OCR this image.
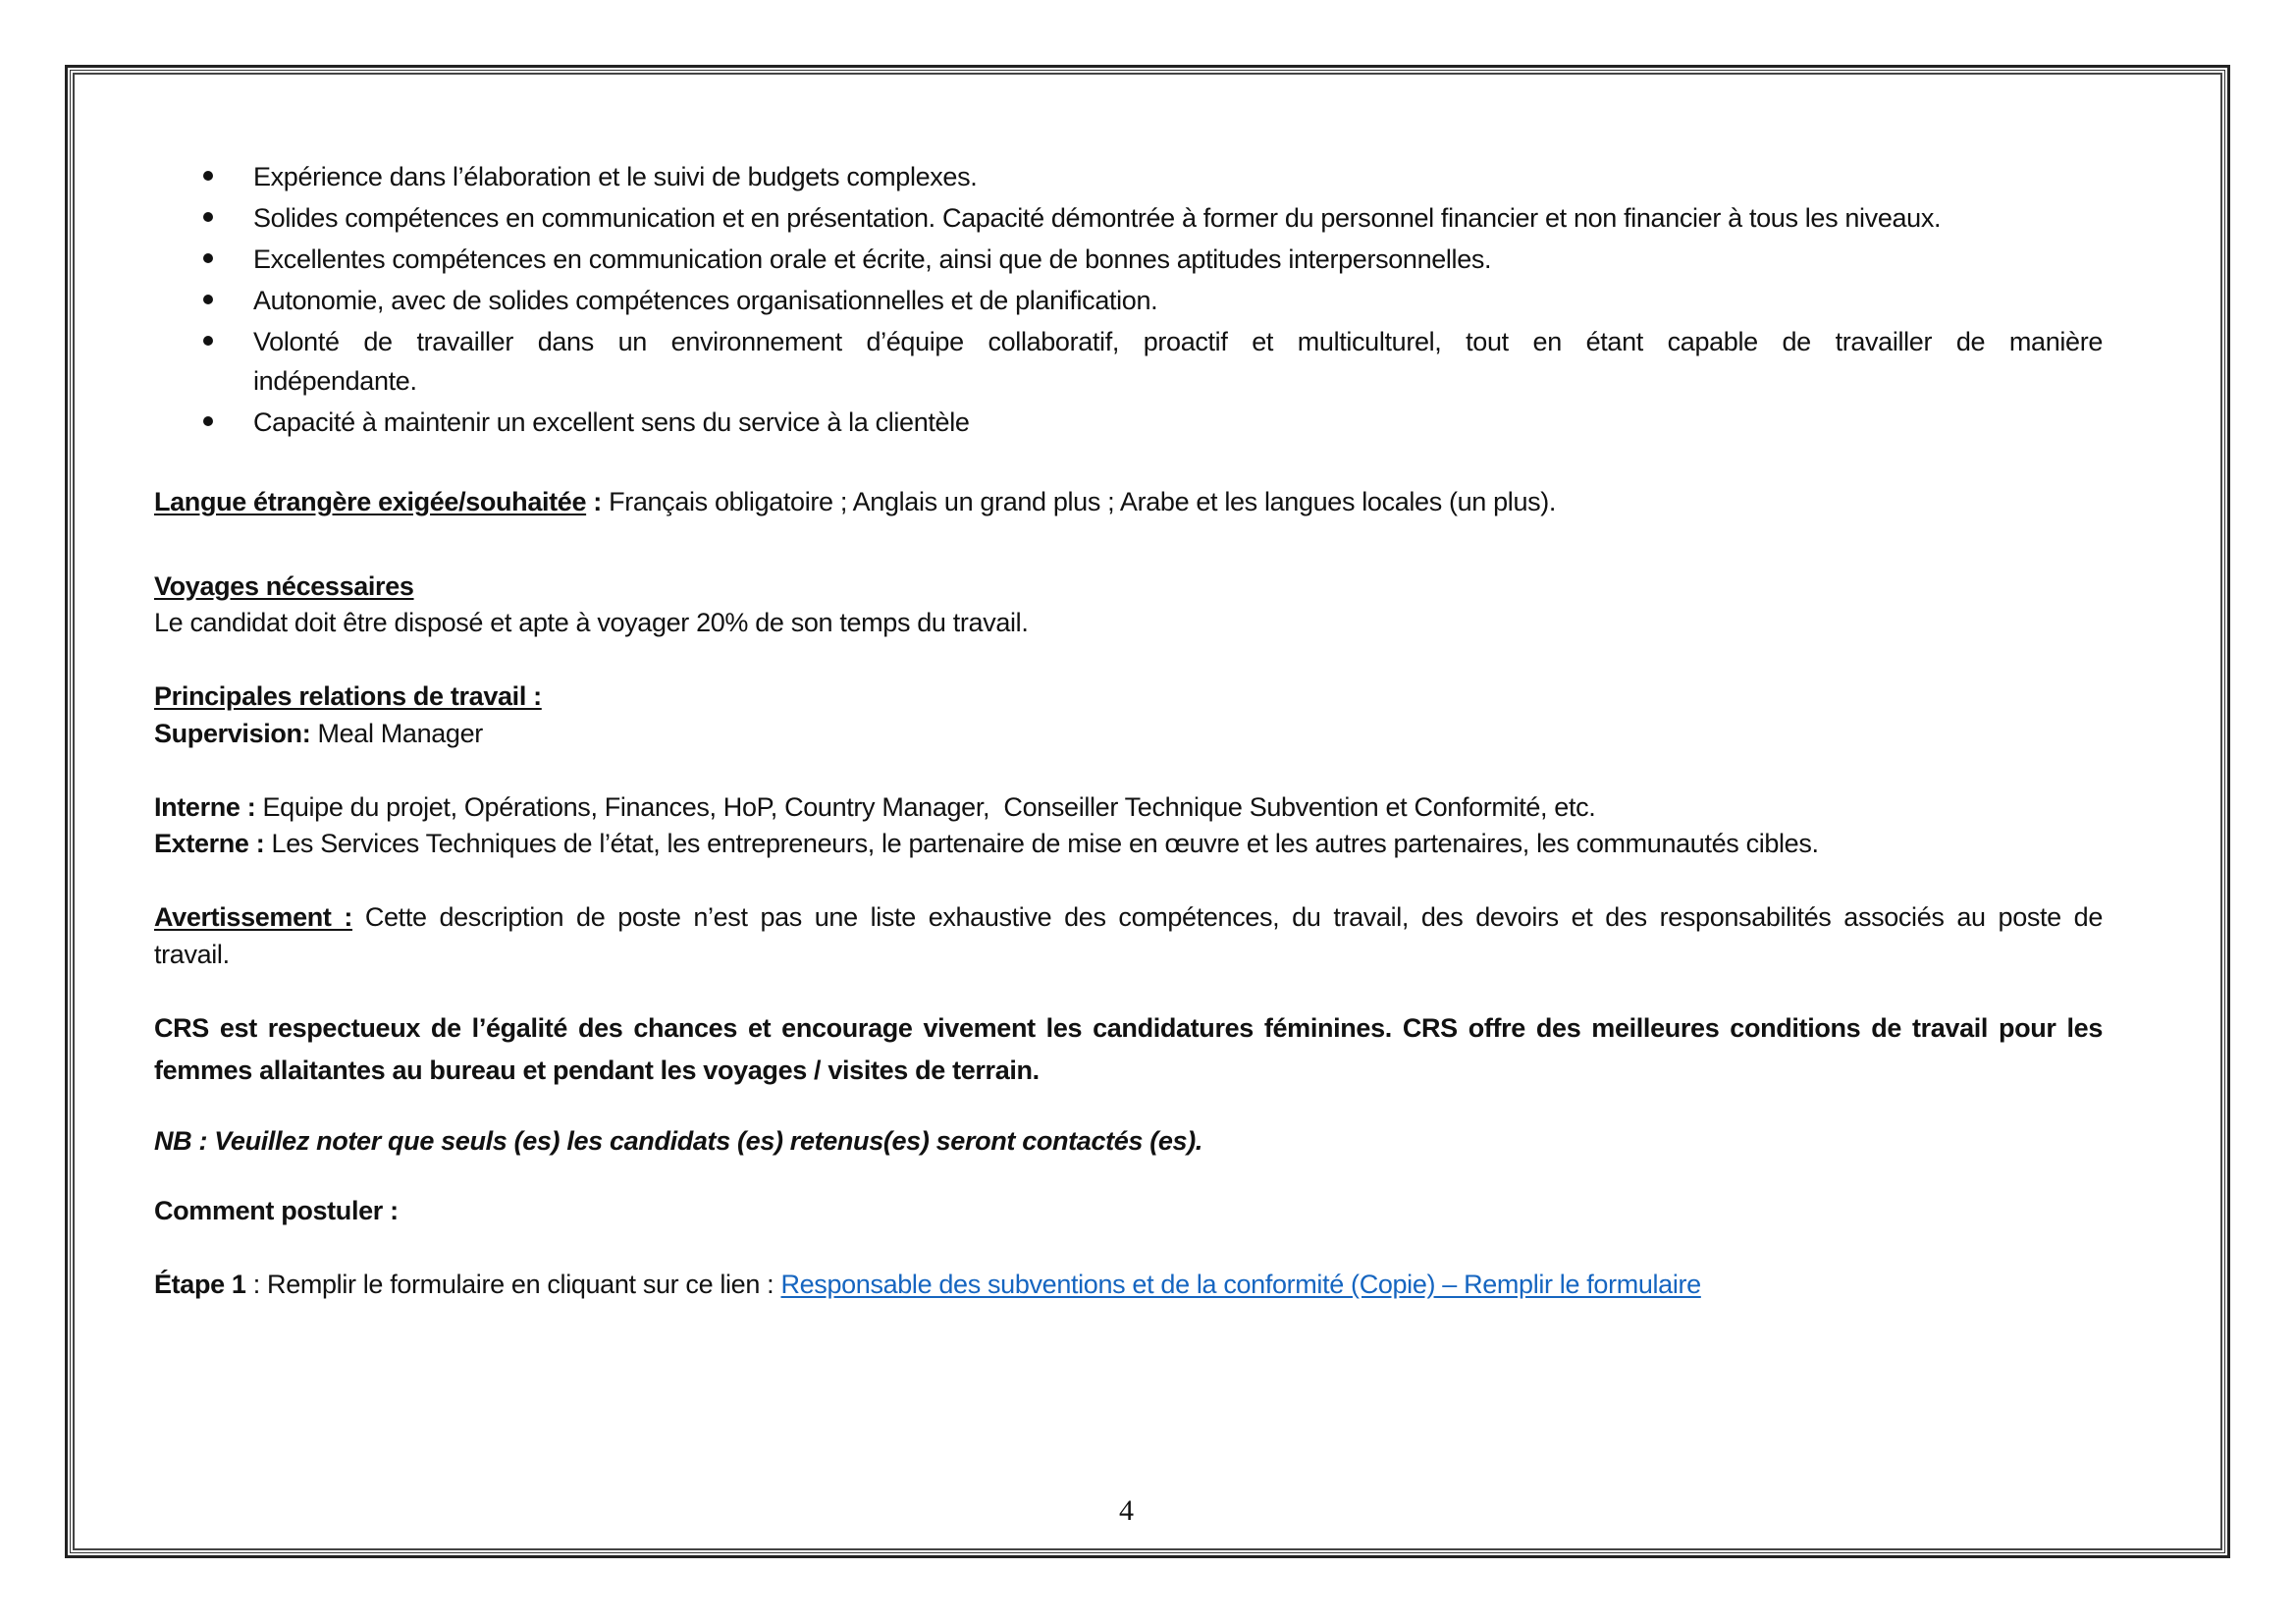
Expérience dans l’élaboration et le suivi de budgets complexes.
Solides compétences en communication et en présentation. Capacité démontrée à former du personnel financier et non financier à tous les niveaux.
Excellentes compétences en communication orale et écrite, ainsi que de bonnes aptitudes interpersonnelles.
Autonomie, avec de solides compétences organisationnelles et de planification.
Volonté de travailler dans un environnement d’équipe collaboratif, proactif et multiculturel, tout en étant capable de travailler de manière
indépendante.
Capacité à maintenir un excellent sens du service à la clientèle
Langue étrangère exigée/souhaitée : Français obligatoire ; Anglais un grand plus ; Arabe et les langues locales (un plus).
Voyages nécessaires
Le candidat doit être disposé et apte à voyager 20% de son temps du travail.
Principales relations de travail :
Supervision: Meal Manager
Interne : Equipe du projet, Opérations, Finances, HoP, Country Manager,  Conseiller Technique Subvention et Conformité, etc.
Externe : Les Services Techniques de l’état, les entrepreneurs, le partenaire de mise en œuvre et les autres partenaires, les communautés cibles.
Avertissement : Cette description de poste n’est pas une liste exhaustive des compétences, du travail, des devoirs et des responsabilités associés au poste de
travail.
CRS est respectueux de l’égalité des chances et encourage vivement les candidatures féminines. CRS offre des meilleures conditions de travail pour les
femmes allaitantes au bureau et pendant les voyages / visites de terrain.
NB : Veuillez noter que seuls (es) les candidats (es) retenus(es) seront contactés (es).
Comment postuler :
Étape 1 : Remplir le formulaire en cliquant sur ce lien : Responsable des subventions et de la conformité (Copie) – Remplir le formulaire
4
